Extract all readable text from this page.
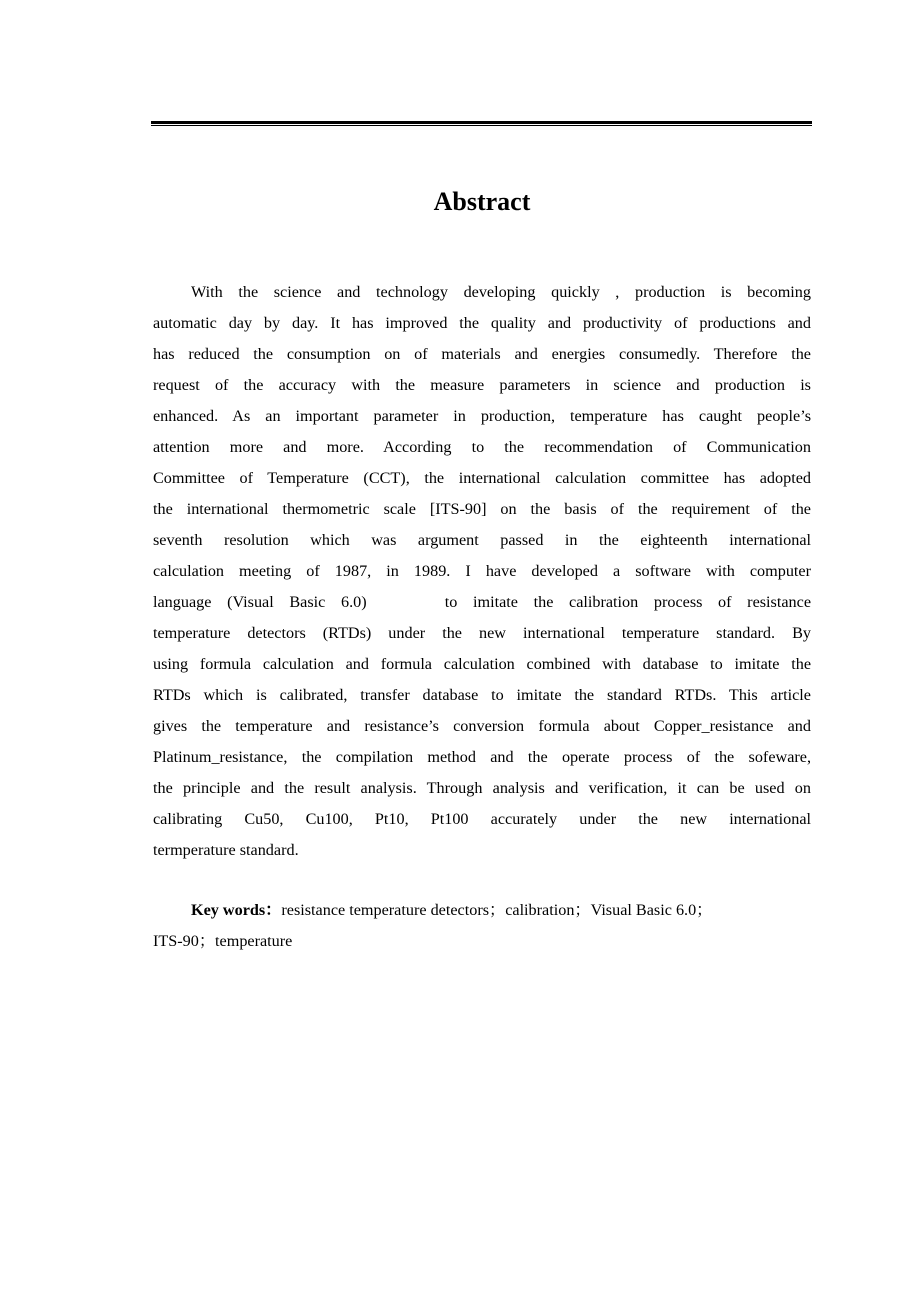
Abstract
With the science and technology developing quickly , production is becoming
automatic day by day. It has improved the quality and productivity of productions and
has reduced the consumption on of materials and energies consumedly. Therefore the
request of the accuracy with the measure parameters in science and production is
enhanced. As an important parameter in production, temperature has caught people’s
attention more and more. According to the recommendation of Communication
Committee of Temperature (CCT), the international calculation committee has adopted
the international thermometric scale [ITS-90] on the basis of the requirement of the
seventh resolution which was argument passed in the eighteenth international
calculation meeting of 1987, in 1989. I have developed a software with computer
language (Visual Basic 6.0)     to imitate the calibration process of resistance
temperature detectors (RTDs) under the new international temperature standard. By
using formula calculation and formula calculation combined with database to imitate the
RTDs which is calibrated, transfer database to imitate the standard RTDs. This article
gives the temperature and resistance’s conversion formula about Copper_resistance and
Platinum_resistance, the compilation method and the operate process of the sofeware,
the principle and the result analysis. Through analysis and verification, it can be used on
calibrating Cu50, Cu100, Pt10, Pt100 accurately under the new international
termperature standard.
Key words：resistance temperature detectors；calibration；Visual Basic 6.0；
ITS-90；temperature
